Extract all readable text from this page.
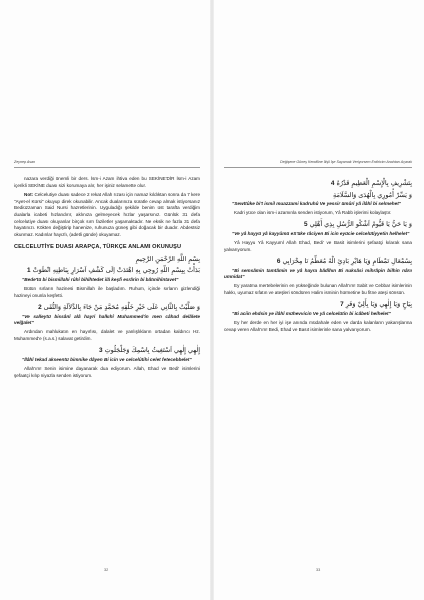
Zeynep Asan

nazara verdiği önemli bir ders. İsm-i Azam ihtiva eden bu SEKİNE'DİR İsm-i Azam içerikli SEKİNE duası sizi korumaya alır, her işiniz selamette olur.

Not: Celcelutiye duası sadece 2 rekat Allah rızası için namaz kıldıktan sonra da 7 kere "Ayet-el Kürsi" okuyup direk okunabilir. Ancak dualarınıza süratle cevap almak istiyorsanız Bediüzzaman Said Nursi hazretlerinin. Uyguladığı şekilde benim üst tarafta verdiğim dualarla icabeti hızlandırır, aklınıza gelmeyecek hızlar yaşarsınız. Günlük 31 defa celcelutiye duası okuyanlar birçok sırrı faziletler yaşamaktadır. Ne eksik ne fazla 31 defa hayatınızı. Kökten değiştirip hanenize, ruhunuza güneş gibi doğacak bir duadır. Abdestsiz okunmaz. Kadınlar hayızlı, (adetli günde) okuyamaz.

CELCELUTİYE DUASI ARAPÇA, TÜRKÇE ANLAMI OKUNUŞU
بِسْمِ اللَّهِ الرَّحْمَنِ الرَّحِيمِ
بَدَأْتُ بِبِسْمِ اللّهِ رُوحِي بِهِ اهْتَدَتْ اِلَى كَشْفِ اَسْرَارٍ بِبَاطِنِهِ انْطَوَتْ 1
"Bede'tü bi bismillahi rûhî bihîhtedet ilâ keşfi esrârin bi bâtınihîntavet"

Bütün sırların hazinesi Bismillah ile başladım. Ruhum, içinde sırların gizlendiği hazineyi onunla keşfetti.

وَ صَلَّيْتُ بِالثَّانِي عَلَى خَيْرِ خَلْقِهِ مُحَمَّدٍ مَنْ جَاءَ بِالدَّلاَلَةِ وَالتُّقَى 2
"Ve salleytü bissânî alâ hayri halkıhî Muhammed'in men câhad delâlete velğalet"

Ardından mahlukatın en hayırlısı, dalalet ve yanlışlıkların ortadan kaldırıcı Hz. Muhammed'e (s.a.s.) salavat getirdim.

إِلٰهِي إِلٰهِي اَسْتَغِيثُ بِاسْمِكَ وَجَلْجَلُوتِ 3
"İlâhî tekad akseentü bimnike dâyen Bi icin ve celcelûtihi celet fetecebbelet"

Allah'ım! Senin isimine dayanarak dua ediyorum. Allah, Ehad ve Bedi' isimlerini şefaatçi kılıp niyazla senden istiyorum.

32
Değişene Güneş Kendiline İlişil İşe Sayamak Veriyorsem Erdiricim Anahtarı Açarak
بِتَشْرِيفِ بِالْإِسْمِ الْعَظِيمِ قَدْرُهُ 4
وَ يَسِّرْ أُمُورِي بِالْهُدَى وَالسَّلَامَةِ
"Sewttûke bi't ismil muazzami kadruhû Ve yessir ümûri yâ ilâhî bi selmehet"

Kadri yüce olan ism-i azamınla senden istiyorum, Yâ Rabb işlerimi kolaylaştır.

وَ يَا حَيُّ يَا قَيُّومُ اَشْكُو الرُّسُلِ بِذِي أَهْلِي 5
"Ve yâ hayyü yâ kayyûmü eS'üke râciyen Bi icin eyücie celcelütiyyetin helhelet"

Yâ Hayyu Yâ Kayyuml Allah Ehad, Bedi' ve Basit isimlerini şefaatçi kılarak sana yalvarıyorum.

بِسُمْعَالِ تَمْطَامِ وَيَا هَايْرِ بَادِئِ الْهُ مُعَظِّمُ نَا مِحْرَابِي 6
"Bi semsâmin tamtâmin ve yâ hayra bâdîhın Bi nuksâsi mihrâpin bilhin nârıı umnidat"

Ey yaratma mertebelerinin en yükseğinde bulunan Allah'ım! Sabit ve Cebbar isimlerinin hakkı, uyumaz sıfatın ve ateşleri söndüren Halim isminin hürmetine bu fitne ateşi sönsün.

بِيَاحٍ وَيَا إِلٰهِي وَيَا بِأَلِيْ وَفَرِ 7
"Bi aciin ehdsin ye ilâhî mühevvicin Ve yâ celcelütin bi icâbeti helhelet"

Ey her derde en her iyi işe anında müdahale eden ve darda kalanların yakarışlarına cevap veren Allah'ım! Bedi, Ehad ve Basıt isimlerinle sana yalvarıyorum.

33
